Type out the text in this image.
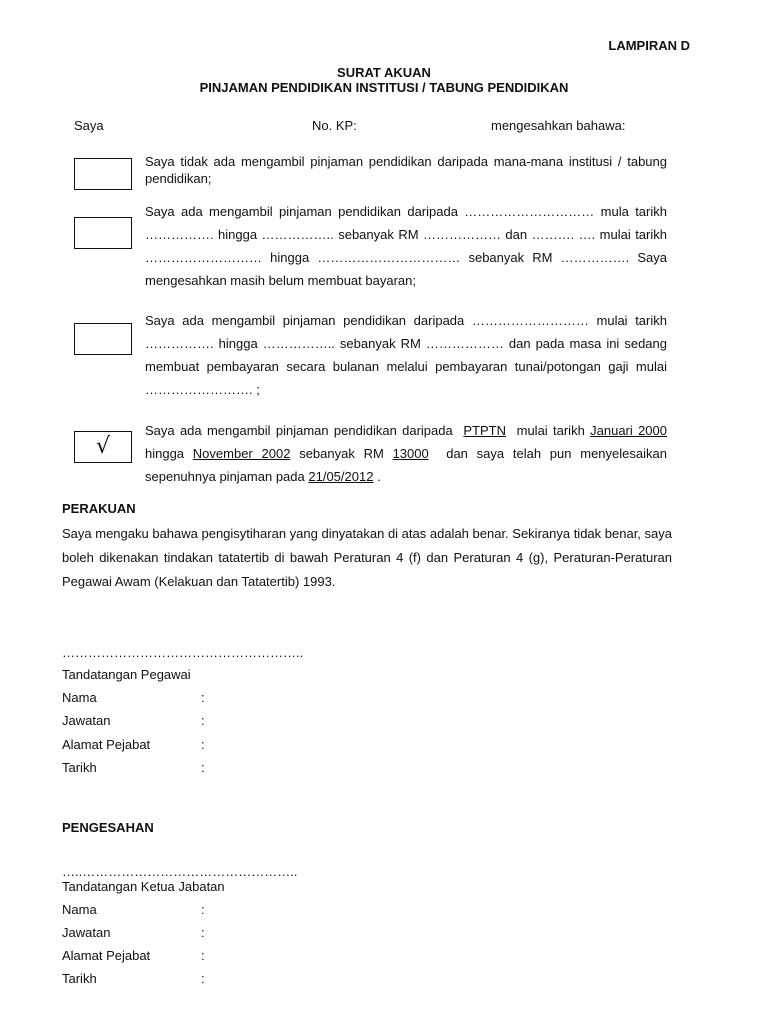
LAMPIRAN D
SURAT AKUAN
PINJAMAN PENDIDIKAN INSTITUSI / TABUNG PENDIDIKAN
Saya	No. KP:	mengesahkan bahawa:
Saya tidak ada mengambil pinjaman pendidikan daripada mana-mana institusi / tabung pendidikan;
Saya ada mengambil pinjaman pendidikan daripada ………………………… mula tarikh ……………. hingga …………….. sebanyak RM ……………… dan ………. …. mulai tarikh ……………………… hingga …………………………… sebanyak RM ……………. Saya mengesahkan masih belum membuat bayaran;
Saya ada mengambil pinjaman pendidikan daripada ……………………… mulai tarikh ……………. hingga …………….. sebanyak RM ……………… dan pada masa ini sedang membuat pembayaran secara bulanan melalui pembayaran tunai/potongan gaji mulai ……………………. ;
√
Saya ada mengambil pinjaman pendidikan daripada PTPTN mulai tarikh Januari 2000 hingga November 2002 sebanyak RM 13000 dan saya telah pun menyelesaikan sepenuhnya pinjaman pada 21/05/2012 .
PERAKUAN
Saya mengaku bahawa pengisytiharan yang dinyatakan di atas adalah benar. Sekiranya tidak benar, saya boleh dikenakan tindakan tatatertib di bawah Peraturan 4 (f) dan Peraturan 4 (g), Peraturan-Peraturan Pegawai Awam (Kelakuan dan Tatatertib) 1993.
………………………………………………..
Tandatangan Pegawai
Nama	:
Jawatan	:
Alamat Pejabat	:
Tarikh	:
PENGESAHAN
…..…………………………………………..
Tandatangan Ketua Jabatan
Nama	:
Jawatan	:
Alamat Pejabat	:
Tarikh	:
